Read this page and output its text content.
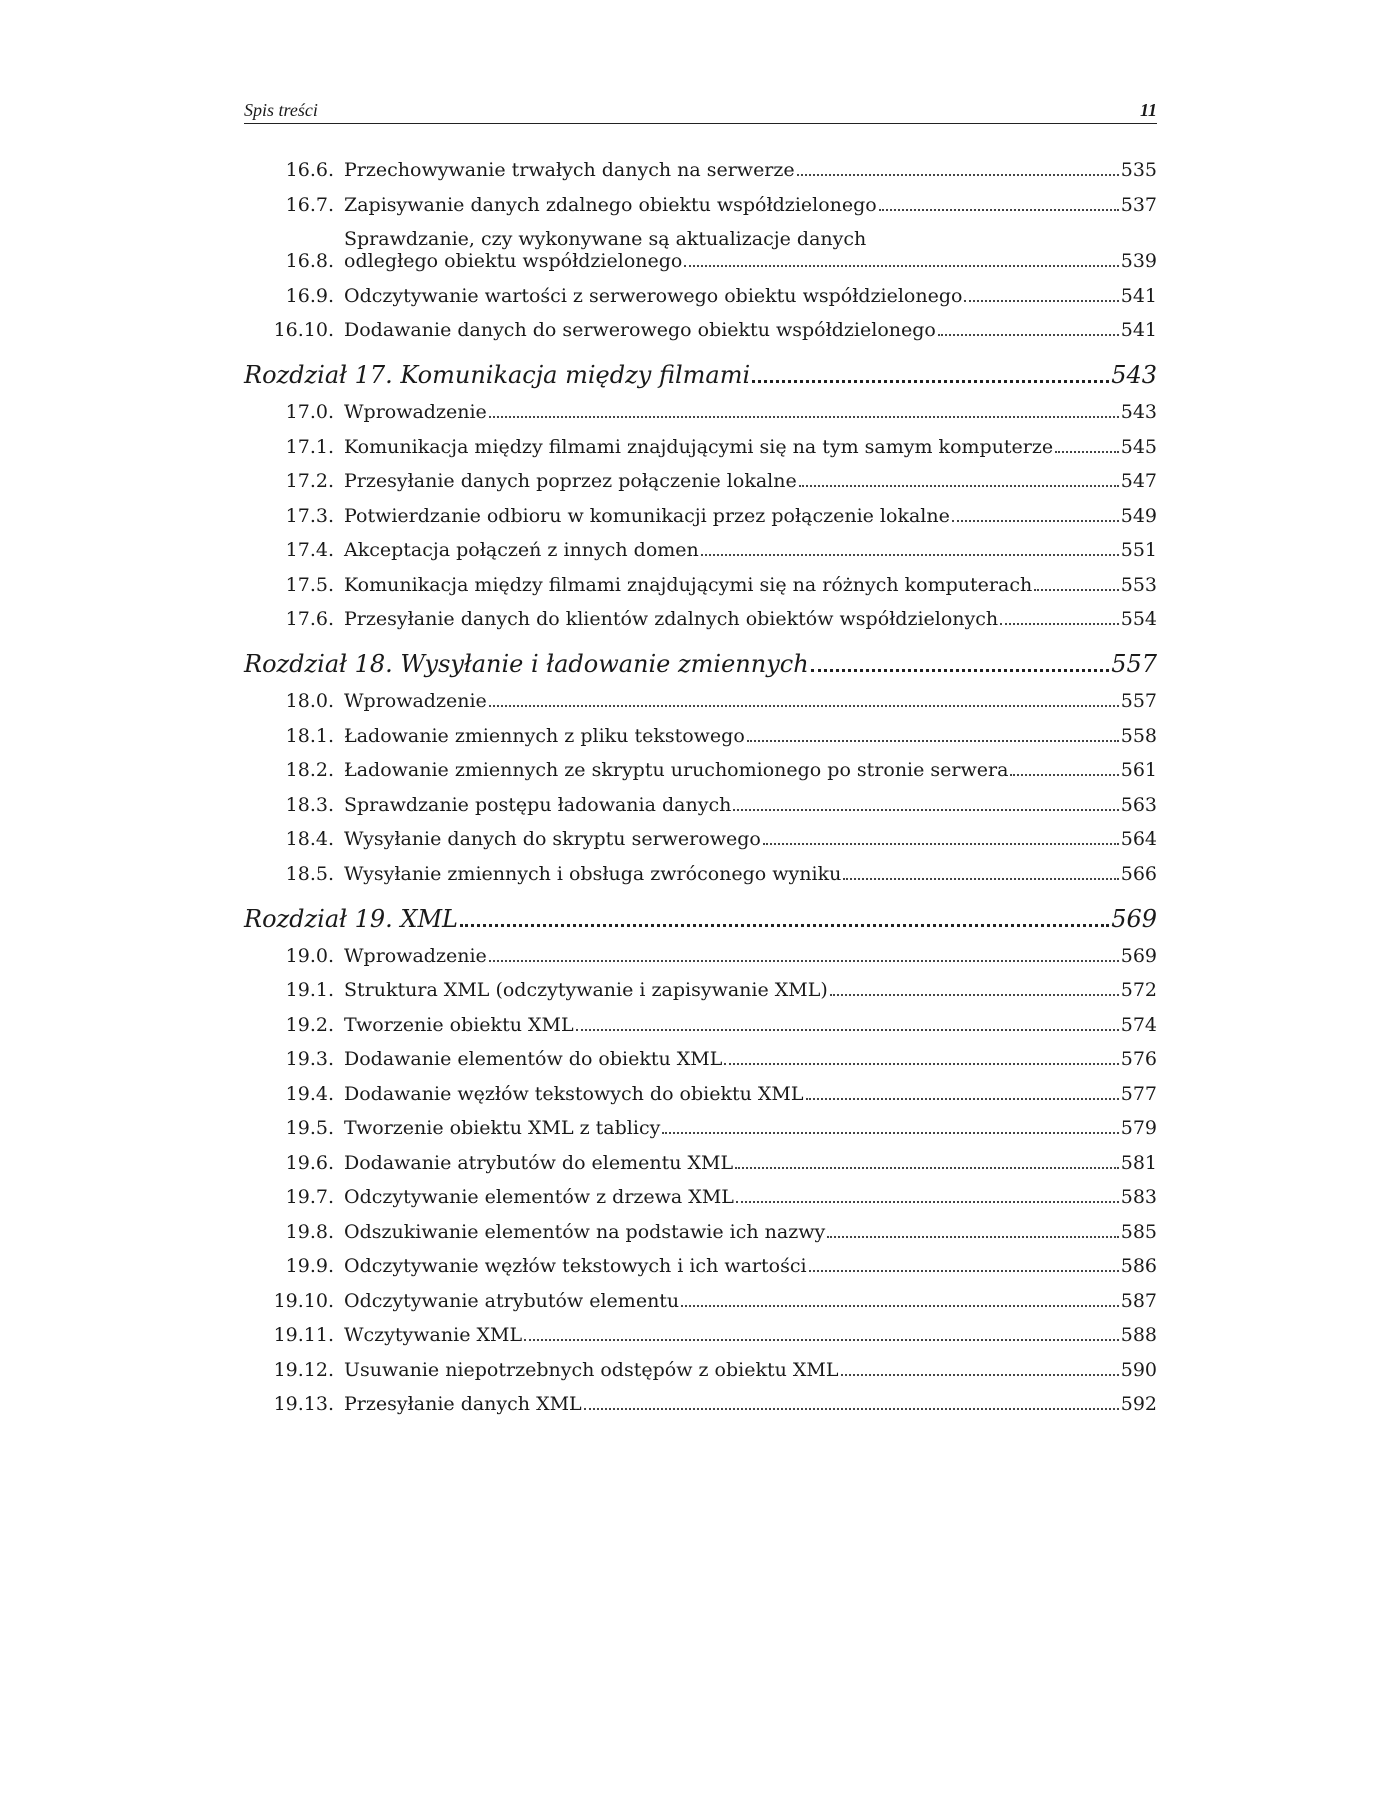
Spis treści	11
16.6. Przechowywanie trwałych danych na serwerze	535
16.7. Zapisywanie danych zdalnego obiektu współdzielonego	537
16.8.
Sprawdzanie, czy wykonywane są aktualizacje danych
odległego obiektu współdzielonego	539
16.9. Odczytywanie wartości z serwerowego obiektu współdzielonego	541
16.10. Dodawanie danych do serwerowego obiektu współdzielonego	541
Rozdział 17. Komunikacja między filmami	543
17.0. Wprowadzenie	543
17.1. Komunikacja między filmami znajdującymi się na tym samym komputerze	545
17.2. Przesyłanie danych poprzez połączenie lokalne	547
17.3. Potwierdzanie odbioru w komunikacji przez połączenie lokalne	549
17.4. Akceptacja połączeń z innych domen	551
17.5. Komunikacja między filmami znajdującymi się na różnych komputerach	553
17.6. Przesyłanie danych do klientów zdalnych obiektów współdzielonych	554
Rozdział 18. Wysyłanie i ładowanie zmiennych	557
18.0. Wprowadzenie	557
18.1. Ładowanie zmiennych z pliku tekstowego	558
18.2. Ładowanie zmiennych ze skryptu uruchomionego po stronie serwera	561
18.3. Sprawdzanie postępu ładowania danych	563
18.4. Wysyłanie danych do skryptu serwerowego	564
18.5. Wysyłanie zmiennych i obsługa zwróconego wyniku	566
Rozdział 19. XML	569
19.0. Wprowadzenie	569
19.1. Struktura XML (odczytywanie i zapisywanie XML)	572
19.2. Tworzenie obiektu XML	574
19.3. Dodawanie elementów do obiektu XML	576
19.4. Dodawanie węzłów tekstowych do obiektu XML	577
19.5. Tworzenie obiektu XML z tablicy	579
19.6. Dodawanie atrybutów do elementu XML	581
19.7. Odczytywanie elementów z drzewa XML	583
19.8. Odszukiwanie elementów na podstawie ich nazwy	585
19.9. Odczytywanie węzłów tekstowych i ich wartości	586
19.10. Odczytywanie atrybutów elementu	587
19.11. Wczytywanie XML	588
19.12. Usuwanie niepotrzebnych odstępów z obiektu XML	590
19.13. Przesyłanie danych XML	592
